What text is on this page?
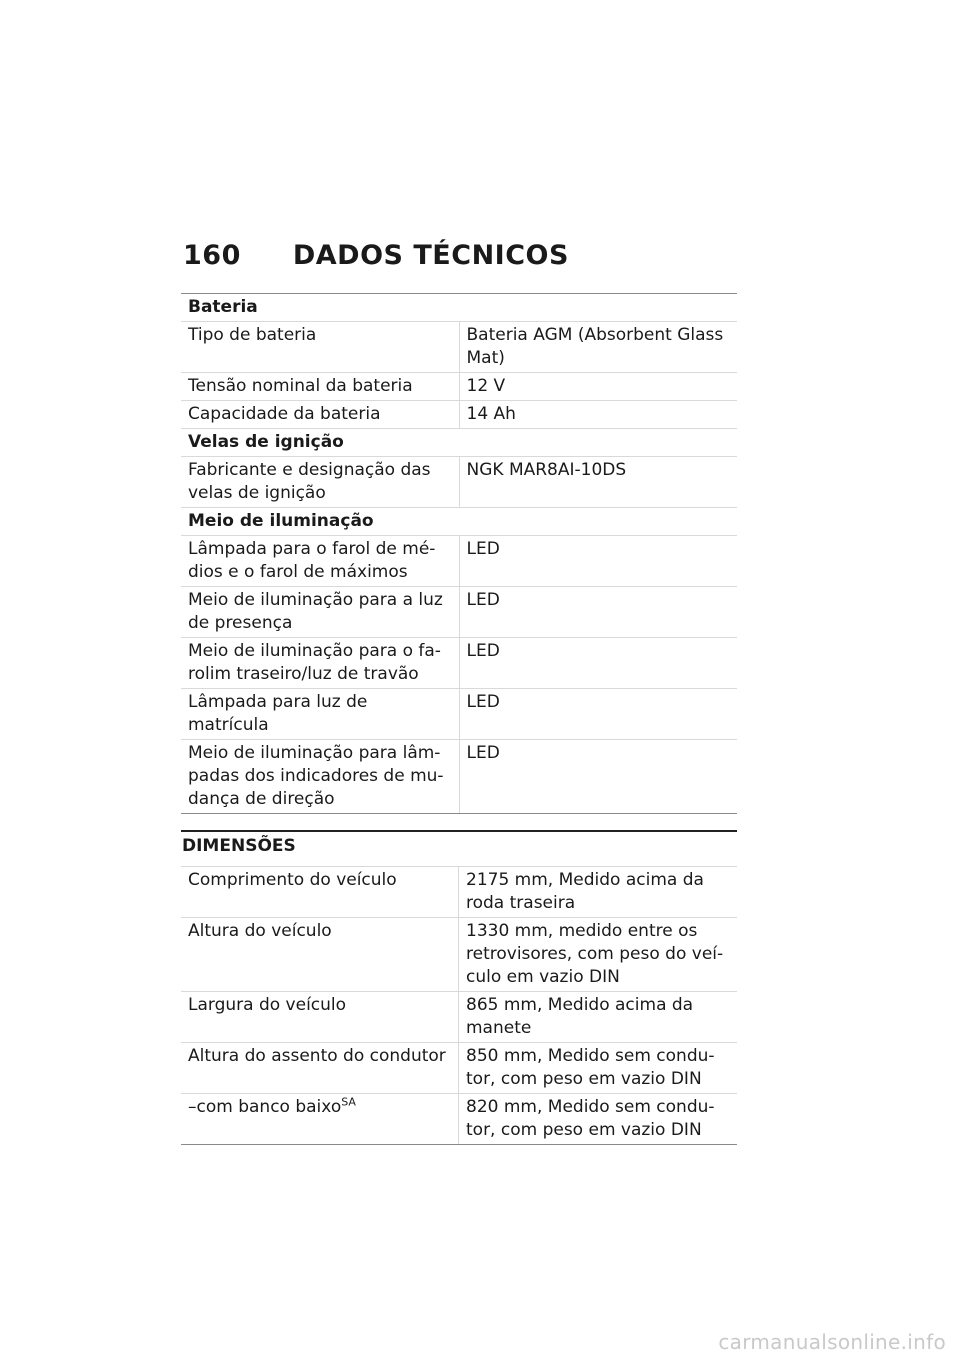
160 DADOS TÉCNICOS
Bateria	
Tipo de bateria	Bateria AGM (Absorbent Glass Mat)
Tensão nominal da bateria	12 V
Capacidade da bateria	14 Ah
Velas de ignição	
Fabricante e designação das velas de ignição	NGK MAR8AI-10DS
Meio de iluminação	
Lâmpada para o farol de mé-dios e o farol de máximos	LED
Meio de iluminação para a luz de presença	LED
Meio de iluminação para o fa-rolim traseiro/luz de travão	LED
Lâmpada para luz de matrícula	LED
Meio de iluminação para lâm-padas dos indicadores de mu-dança de direção	LED
DIMENSÕES
Comprimento do veículo	2175 mm, Medido acima da roda traseira
Altura do veículo	1330 mm, medido entre os retrovisores, com peso do veí-culo em vazio DIN
Largura do veículo	865 mm, Medido acima da manete
Altura do assento do condutor	850 mm, Medido sem condu-tor, com peso em vazio DIN
–com banco baixo$^{SA}$	820 mm, Medido sem condu-tor, com peso em vazio DIN
carmanualsonline.info
